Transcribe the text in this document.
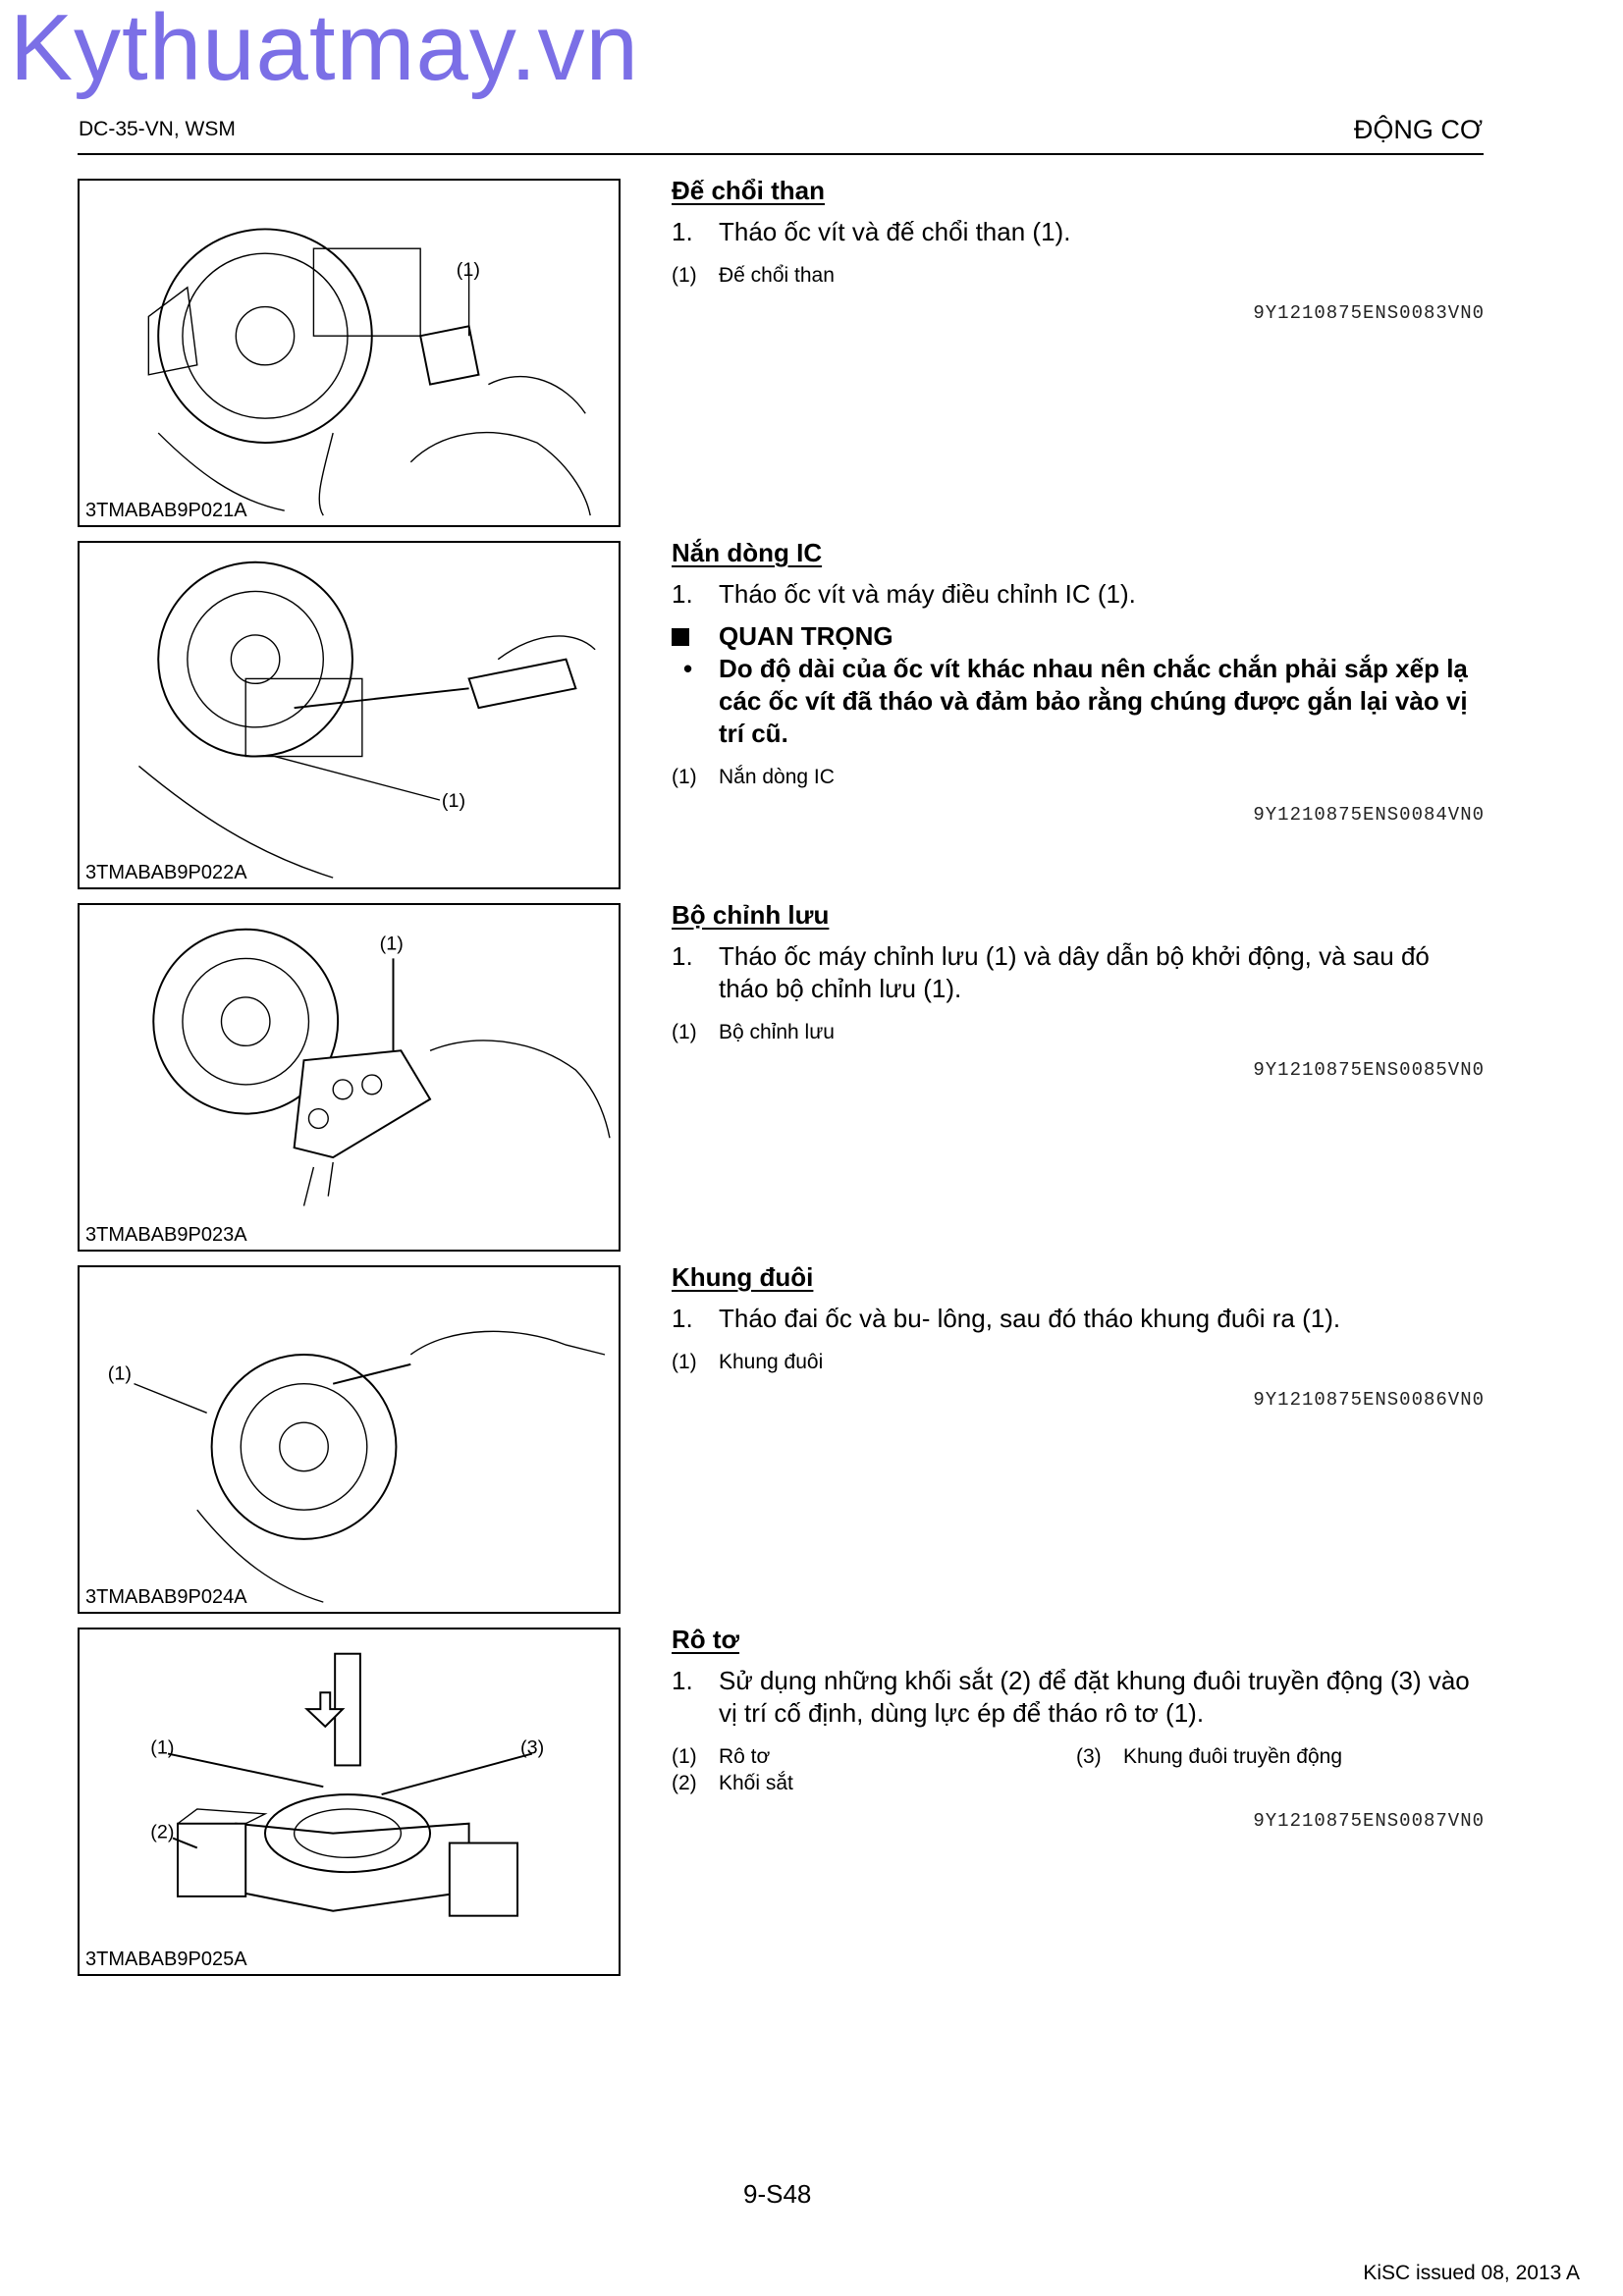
Kythuatmay.vn
DC-35-VN, WSM	ĐỘNG CƠ
(1)
3TMABAB9P021A
Đế chổi than
1.	Tháo ốc vít và đế chổi than (1).
(1)	Đế chổi than
9Y1210875ENS0083VN0
(1)
3TMABAB9P022A
Nắn dòng IC
1.	Tháo ốc vít và máy điều chỉnh IC (1).
QUAN TRỌNG
•	Do độ dài của ốc vít khác nhau nên chắc chắn phải sắp xếp lạ các ốc vít đã tháo và đảm bảo rằng chúng được gắn lại vào vị trí cũ.
(1)	Nắn dòng IC
9Y1210875ENS0084VN0
(1)
3TMABAB9P023A
Bộ chỉnh lưu
1.	Tháo ốc máy chỉnh lưu (1) và dây dẫn bộ khởi động, và sau đó tháo bộ chỉnh lưu (1).
(1)	Bộ chỉnh lưu
9Y1210875ENS0085VN0
(1)
3TMABAB9P024A
Khung đuôi
1.	Tháo đai ốc và bu- lông, sau đó tháo khung đuôi ra (1).
(1)	Khung đuôi
9Y1210875ENS0086VN0
(1)	(3)
(2)
3TMABAB9P025A
Rô tơ
1.	Sử dụng những khối sắt (2) để đặt khung đuôi truyền động (3) vào vị trí cố định, dùng lực ép để tháo rô tơ (1).
(1)	Rô tơ	(3)	Khung đuôi truyền động
(2)	Khối sắt
9Y1210875ENS0087VN0
9-S48
KiSC issued 08, 2013 A
